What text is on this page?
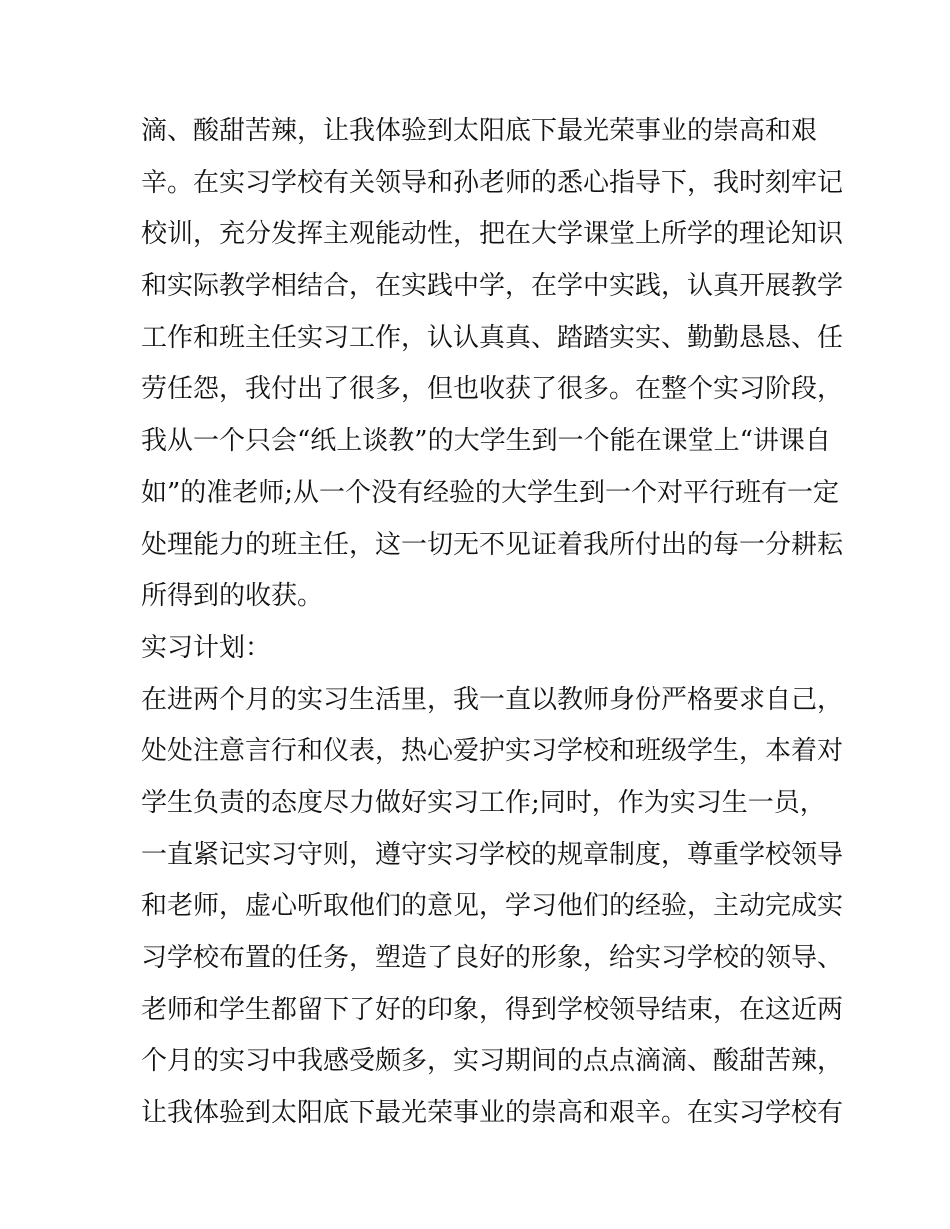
滴、酸甜苦辣，让我体验到太阳底下最光荣事业的崇高和艰
辛。在实习学校有关领导和孙老师的悉心指导下，我时刻牢记
校训，充分发挥主观能动性，把在大学课堂上所学的理论知识
和实际教学相结合，在实践中学，在学中实践，认真开展教学
工作和班主任实习工作，认认真真、踏踏实实、勤勤恳恳、任
劳任怨，我付出了很多，但也收获了很多。在整个实习阶段，
我从一个只会“纸上谈教”的大学生到一个能在课堂上“讲课自
如”的准老师;从一个没有经验的大学生到一个对平行班有一定
处理能力的班主任，这一切无不见证着我所付出的每一分耕耘
所得到的收获。
实习计划：
在进两个月的实习生活里，我一直以教师身份严格要求自己，
处处注意言行和仪表，热心爱护实习学校和班级学生，本着对
学生负责的态度尽力做好实习工作;同时，作为实习生一员，
一直紧记实习守则，遵守实习学校的规章制度，尊重学校领导
和老师，虚心听取他们的意见，学习他们的经验，主动完成实
习学校布置的任务，塑造了良好的形象，给实习学校的领导、
老师和学生都留下了好的印象，得到学校领导结束，在这近两
个月的实习中我感受颇多，实习期间的点点滴滴、酸甜苦辣，
让我体验到太阳底下最光荣事业的崇高和艰辛。在实习学校有
